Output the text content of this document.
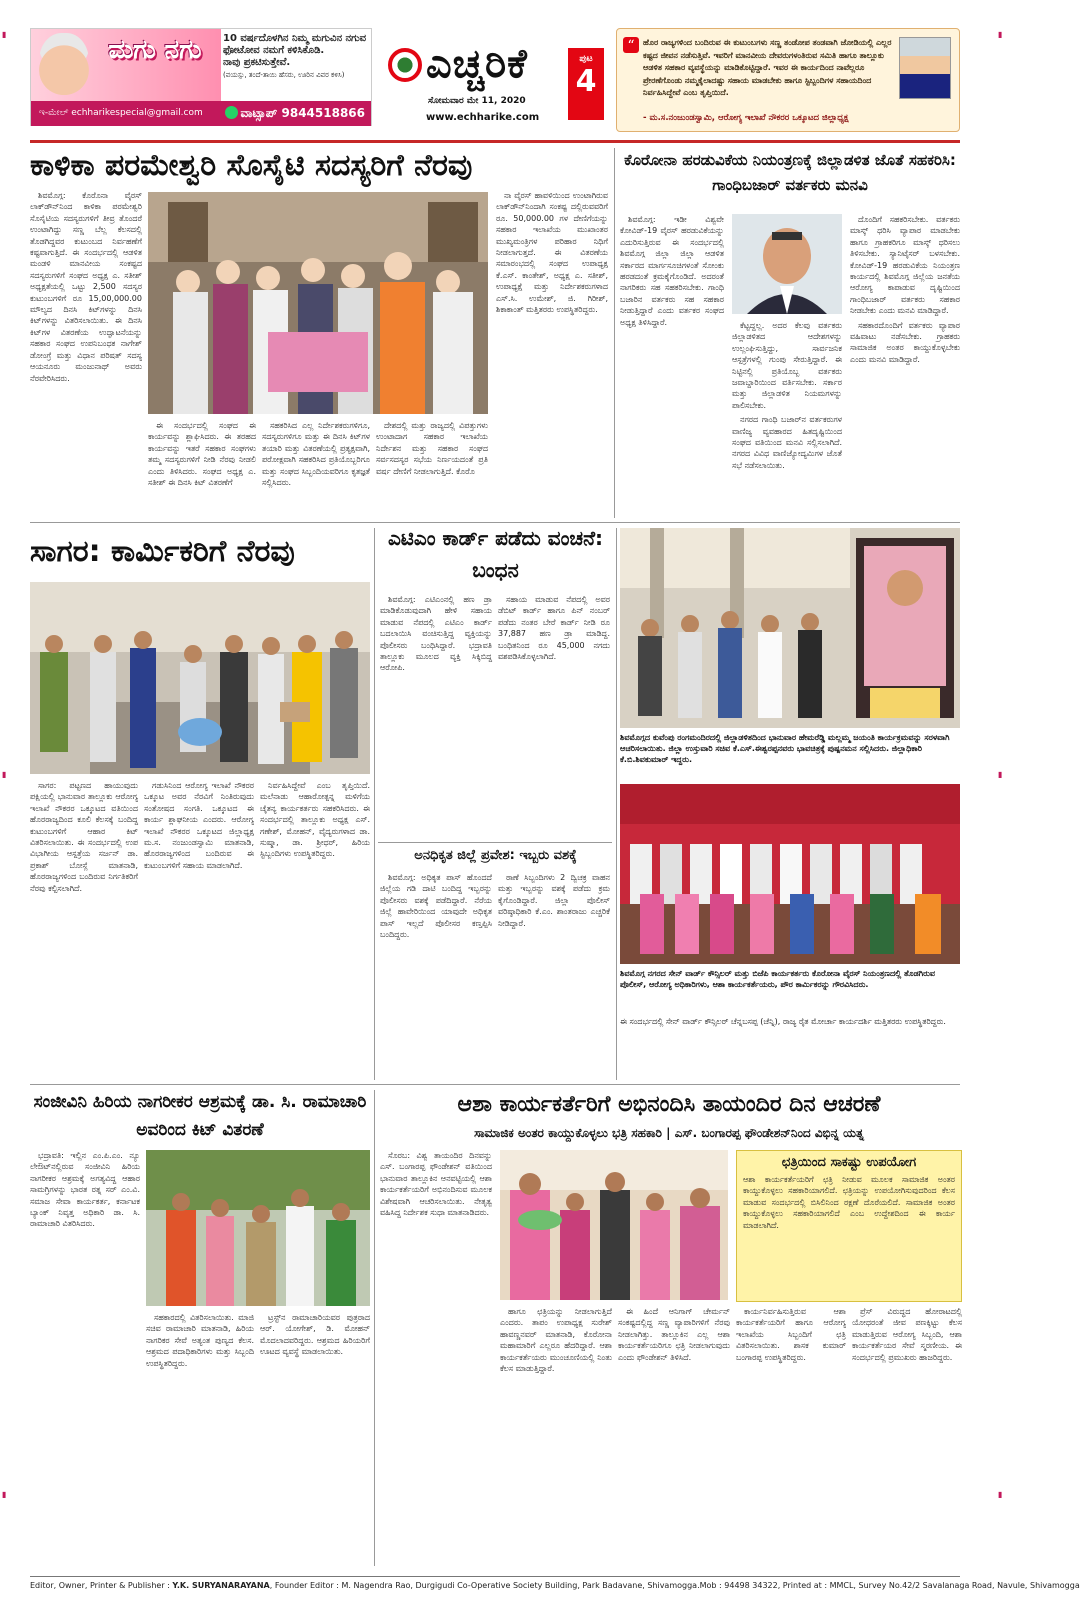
▮
▮
▮
▮
▮
▮
ಮಗು ನಗು	10 ವರ್ಷದೊಳಗಿನ ನಿಮ್ಮ ಮಗುವಿನ ನಗುವ
ಫೋಟೋವ ನಮಗೆ ಕಳಿಸಿಕೊಡಿ.
ನಾವು ಪ್ರಕಟಿಸುತ್ತೇವೆ.
(ವಯಸ್ಸು, ತಂದೆ-ತಾಯಿ ಹೆಸರು, ಊರಿನ ವಿವರ ಕಳಿಸಿ)
ಇ-ಮೇಲ್ echharikespecial@gmail.com	ವಾಟ್ಸಾಪ್ 9844518866
ಎಚ್ಚರಿಕೆ
ಸೋಮವಾರ ಮೇ 11, 2020
www.echharike.com
ಪುಟ
4
“	ಹೊರ ರಾಜ್ಯಗಳಿಂದ ಬಂದಿರುವ ಈ ಕುಟುಂಬಗಳು ಸಣ್ಣ ತಂಡೋಪ ತಂಡವಾಗಿ ಜೋಡಿಯಲ್ಲಿ ಎಲ್ಲರ ಕಷ್ಟದ ಜೀವನ ನಡೆಸುತ್ತಿವೆ. ಇವರಿಗೆ ಮಾನವೀಯ ದೇವರುಗಳಂತಿರುವ ಸಮಿತಿ ಹಾಗೂ ತಾಲ್ಲೂಕು ಆಡಳಿತ ಸಹಕಾರ ವ್ಯವಸ್ಥೆಯನ್ನು ಮಾಡಿಕೊಟ್ಟಿದ್ದಾರೆ. ಇವರ ಈ ಕಾರ್ಯದಿಂದ ನಾವೆಲ್ಲರೂ ಪ್ರೇರಣೆಗೊಂಡು ನಮ್ಮಕೈಲಾದಷ್ಟು ಸಹಾಯ ಮಾಡಬೇಕು ಹಾಗೂ ಸ್ಟಿಬ್ಬಂದಿಗಳ ಸಹಾಯದಿಂದ ನಿರ್ವಹಿಸಿದ್ದೇವೆ ಎಂಬ ತೃಪ್ತಿಯಿದೆ.
- ಮ.ಸ.ನಂಜುಂಡಸ್ವಾಮಿ, ಆರೋಗ್ಯ ಇಲಾಖೆ ನೌಕರರ ಒಕ್ಕೂಟದ ಜಿಲ್ಲಾಧ್ಯಕ್ಷ
ಕಾಳಿಕಾ ಪರಮೇಶ್ವರಿ ಸೊಸೈಟಿ ಸದಸ್ಯರಿಗೆ ನೆರವು

ಶಿವಮೊಗ್ಗ: ಕೊರೊನಾ ವೈರಸ್ ಲಾಕ್‌ಡೌನ್‌ನಿಂದ ಕಾಳಿಕಾ ಪರಮೇಶ್ವರಿ ಸೊಸೈಟಿಯ ಸದಸ್ಯರುಗಳಿಗೆ ತೀವ್ರ ತೊಂದರೆ ಉಂಟಾಗಿದ್ದು ಸಣ್ಣ ಬೆಲ್ಲ ಕೆಲಸದಲ್ಲಿ ತೊಡಗಿದ್ದವರ ಕುಟುಂಬದ ನಿರ್ವಹಣೆಗೆ ಕಷ್ಟವಾಗುತ್ತಿದೆ. ಈ ಸಂದರ್ಭದಲ್ಲಿ ಆಡಳಿತ ಮಂಡಳಿ ಮಾನವೀಯ ಸಂಕಷ್ಟದ ಸದಸ್ಯರುಗಳಿಗೆ ಸಂಘದ ಅಧ್ಯಕ್ಷ ಎ. ಸತೀಶ್ ಅಧ್ಯಕ್ಷತೆಯಲ್ಲಿ ಒಟ್ಟು 2,500 ಸದಸ್ಯರ ಕುಟುಂಬಗಳಿಗೆ ರೂ 15,00,000.00 ಮೌಲ್ಯದ ದಿನಸಿ ಕಿಟ್‌ಗಳನ್ನು ದಿನಸಿ ಕಿಟ್‌ಗಳನ್ನು ವಿತರಿಸಲಾಯಿತು. ಈ ದಿನಸಿ ಕಿಟ್‌ಗಳ ವಿತರಣೆಯ ಉದ್ಘಾಟನೆಯನ್ನು ಸಹಕಾರ ಸಂಘದ ಉಪನಿಬಂಧಕ ನಾಗೇಶ್ ಡೋಂಗ್ರೆ ಮತ್ತು ವಿಧಾನ ಪರಿಷತ್ ಸದಸ್ಯ ಆಯನೂರು ಮಂಜುನಾಥ್ ಅವರು ನೆರವೇರಿಸಿದರು.

ಈ ಸಂದರ್ಭದಲ್ಲಿ ಸಂಘದ ಈ ಕಾರ್ಯವನ್ನು ಶ್ಲಾಘಿಸಿದರು. ಈ ತರಹದ ಕಾರ್ಯವನ್ನು ಇತರೆ ಸಹಕಾರ ಸಂಘಗಳು ತಮ್ಮ ಸದಸ್ಯರುಗಳಿಗೆ ನೀಡಿ ನೆರವು ನೀಡಲಿ ಎಂದು ತಿಳಿಸಿದರು. ಸಂಘದ ಅಧ್ಯಕ್ಷ ಎ. ಸತೀಶ್ ಈ ದಿನಸಿ ಕಿಟ್ ವಿತರಣೆಗೆ

ಸಹಕರಿಸಿದ ಎಲ್ಲ ನಿರ್ದೇಶಕರುಗಳಿಗೂ, ಸದಸ್ಯರುಗಳಿಗೂ ಮತ್ತು ಈ ದಿನಸಿ ಕಿಟ್‌ಗಳ ತಯಾರಿ ಮತ್ತು ವಿತರಣೆಯಲ್ಲಿ ಪ್ರತ್ಯಕ್ಷವಾಗಿ, ಪರೋಕ್ಷವಾಗಿ ಸಹಕರಿಸಿದ ಪ್ರತಿಯೊಬ್ಬರಿಗೂ ಮತ್ತು ಸಂಘದ ಸಿಬ್ಬಂದಿಯವರಿಗೂ ಕೃತಜ್ಞತೆ ಸಲ್ಲಿಸಿದರು.

ದೇಶದಲ್ಲಿ ಮತ್ತು ರಾಜ್ಯದಲ್ಲಿ ವಿಪತ್ತುಗಳು ಉಂಟಾದಾಗ ಸಹಕಾರ ಇಲಾಖೆಯ ನಿರ್ದೇಶನ ಮತ್ತು ಸಹಕಾರ ಸಂಘದ ಸರ್ವಸದಸ್ಯರ ಸಭೆಯ ನಿರ್ಣಯದಂತೆ ಪ್ರತಿ ವರ್ಷ ದೇಣಿಗೆ ನೀಡಲಾಗುತ್ತಿದೆ. ಕೊರೊ

ನಾ ವೈರಸ್ ಹಾವಳಿಯಿಂದ ಉಂಟಾಗಿರುವ ಲಾಕ್‌ಡೌನ್‌ನಿಂದಾಗಿ ಸಂಕಷ್ಟ ದಲ್ಲಿರುವವರಿಗೆ ರೂ. 50,000.00 ಗಳ ದೇಣಿಗೆಯನ್ನು ಸಹಕಾರ ಇಲಾಖೆಯ ಮುಖಾಂತರ ಮುಖ್ಯಮಂತ್ರಿಗಳ ಪರಿಹಾರ ನಿಧಿಗೆ ನೀಡಲಾಗುತ್ತದೆ. ಈ ವಿತರಣೆಯ ಸಮಾರಂಭದಲ್ಲಿ ಸಂಘದ ಉಪಾಧ್ಯಕ್ಷ ಕೆ.ಎಸ್. ಕಾಂತೇಶ್, ಅಧ್ಯಕ್ಷ ಎ. ಸತೀಶ್, ಉಪಾಧ್ಯಕ್ಷೆ ಮತ್ತು ನಿರ್ದೇಶಕರುಗಳಾದ ಎಸ್.ಸಿ. ಉಮೇಶ್, ಜಿ. ಗಿರೀಶ್, ಶಿಕಾಕಾಂತ್ ಮತ್ತಿತರರು ಉಪಸ್ಥಿತರಿದ್ದರು.

ಕೊರೋನಾ ಹರಡುವಿಕೆಯ ನಿಯಂತ್ರಣಕ್ಕೆ ಜಿಲ್ಲಾಡಳಿತ ಜೊತೆ ಸಹಕರಿಸಿ: ಗಾಂಧಿಬಜಾರ್ ವರ್ತಕರು ಮನವಿ

ಶಿವಮೊಗ್ಗ: ಇಡೀ ವಿಶ್ವವೇ ಕೋವಿಡ್-19 ವೈರಸ್ ಹರಡುವಿಕೆಯನ್ನು ಎದುರಿಸುತ್ತಿರುವ ಈ ಸಂದರ್ಭದಲ್ಲಿ ಶಿವಮೊಗ್ಗ ಜಿಲ್ಲಾ ಜಿಲ್ಲಾ ಆಡಳಿತ ಸರ್ಕಾರದ ಮಾರ್ಗಸೂಚಿಗಳಂತೆ ಸೋಂಕು ಹರಡದಂತೆ ಕ್ರಮಕೈಗೊಂಡಿದೆ. ಅದರಂತೆ ನಾಗರಿಕರು ಸಹ ಸಹಕರಿಸಬೇಕು. ಗಾಂಧಿ ಬಜಾರಿನ ವರ್ತಕರು ಸಹ ಸಹಕಾರ ನೀಡುತ್ತಿದ್ದಾರೆ ಎಂದು ವರ್ತಕರ ಸಂಘದ ಅಧ್ಯಕ್ಷ ತಿಳಿಸಿದ್ದಾರೆ.	ಕೆಟ್ಟದ್ದಲ್ಲ. ಅದರ ಕೆಲವು ವರ್ತಕರು ಜಿಲ್ಲಾಡಳಿತದ ಆದೇಶಗಳನ್ನು ಉಲ್ಲಂಘಿಸುತ್ತಿದ್ದು, ಸಾರ್ವಜನಿಕ ಆಸ್ಪತ್ರೆಗಳಲ್ಲಿ ಗುಂಪು ಸೇರುತ್ತಿದ್ದಾರೆ. ಈ ನಿಟ್ಟಿನಲ್ಲಿ ಪ್ರತಿಯೊಬ್ಬ ವರ್ತಕರು ಜವಾಬ್ದಾರಿಯಿಂದ ವರ್ತಿಸಬೇಕು. ಸರ್ಕಾರ ಮತ್ತು ಜಿಲ್ಲಾಡಳಿತ ನಿಯಮಗಳನ್ನು ಪಾಲಿಸಬೇಕು.

ನಗರದ ಗಾಂಧಿ ಬಜಾರ್‌ನ ವರ್ತಕರುಗಳ ವಾಣಿಜ್ಯ ವ್ಯವಹಾರದ ಹಿತದೃಷ್ಟಿಯಿಂದ ಸಂಘದ ವತಿಯಿಂದ ಮನವಿ ಸಲ್ಲಿಸಲಾಗಿದೆ. ನಗರದ ವಿವಿಧ ವಾಣಿಜ್ಯೋದ್ಯಮಿಗಳ ಜೊತೆ ಸಭೆ ನಡೆಸಲಾಯಿತು.

ದೊಂದಿಗೆ ಸಹಕರಿಸಬೇಕು. ವರ್ತಕರು ಮಾಸ್ಕ್ ಧರಿಸಿ ವ್ಯಾಪಾರ ಮಾಡಬೇಕು ಹಾಗೂ ಗ್ರಾಹಕರಿಗೂ ಮಾಸ್ಕ್ ಧರಿಸಲು ತಿಳಿಸಬೇಕು. ಸ್ಯಾನಿಟೈಸರ್ ಬಳಸಬೇಕು. ಕೋವಿಡ್-19 ಹರಡುವಿಕೆಯ ನಿಯಂತ್ರಣ ಕಾರ್ಯದಲ್ಲಿ ಶಿವಮೊಗ್ಗ ಜಿಲ್ಲೆಯ ಜನತೆಯ ಆರೋಗ್ಯ ಕಾಪಾಡುವ ದೃಷ್ಟಿಯಿಂದ ಗಾಂಧಿಬಜಾರ್ ವರ್ತಕರು ಸಹಕಾರ ನೀಡಬೇಕು ಎಂದು ಮನವಿ ಮಾಡಿದ್ದಾರೆ.

ಸಹಕಾರದೊಂದಿಗೆ ವರ್ತಕರು ವ್ಯಾಪಾರ ವಹಿವಾಟು ನಡೆಸಬೇಕು. ಗ್ರಾಹಕರು ಸಾಮಾಜಿಕ ಅಂತರ ಕಾಯ್ದುಕೊಳ್ಳಬೇಕು ಎಂದು ಮನವಿ ಮಾಡಿದ್ದಾರೆ.

ಸಾಗರ: ಕಾರ್ಮಿಕರಿಗೆ ನೆರವು

ಸಾಗರ: ಪಟ್ಟಣದ ಹಾಯುವುದು ಪಕ್ಷಿಯಲ್ಲಿ ಭಾನುವಾರ ತಾಲ್ಲೂಕು ಆರೋಗ್ಯ ಇಲಾಖೆ ನೌಕರರ ಒಕ್ಕೂಟದ ವತಿಯಿಂದ ಹೊರರಾಜ್ಯದಿಂದ ಕೂಲಿ ಕೆಲಸಕ್ಕೆ ಬಂದಿದ್ದ ಕುಟುಂಬಗಳಿಗೆ ಆಹಾರ ಕಿಟ್ ವಿತರಿಸಲಾಯಿತು. ಈ ಸಂದರ್ಭದಲ್ಲಿ ಉಪ ವಿಭಾಗೀಯ ಆಸ್ಪತ್ರೆಯ ಸರ್ಜನ್ ಡಾ. ಪ್ರಕಾಶ್ ಬೋಸ್ಲೆ ಮಾತನಾಡಿ, ಹೊರರಾಜ್ಯಗಳಿಂದ ಬಂದಿರುವ ನಿರ್ಗತಿಕರಿಗೆ ನೆರವು ಕಲ್ಪಿಸಲಾಗಿದೆ.

ಗಡುಸಿನಿಂದ ಆರೋಗ್ಯ ಇಲಾಖೆ ನೌಕರರ ಒಕ್ಕೂಟ ಅವರ ನೆರವಿಗೆ ನಿಂತಿರುವುದು ಸಂತೋಷದ ಸಂಗತಿ. ಒಕ್ಕೂಟದ ಈ ಕಾರ್ಯ ಶ್ಲಾಘನೀಯ ಎಂದರು. ಆರೋಗ್ಯ ಇಲಾಖೆ ನೌಕರರ ಒಕ್ಕೂಟದ ಜಿಲ್ಲಾಧ್ಯಕ್ಷ ಮ.ಸ. ನಂಜುಂಡಸ್ವಾಮಿ ಮಾತನಾಡಿ, ಹೊರರಾಜ್ಯಗಳಿಂದ ಬಂದಿರುವ ಈ ಕುಟುಂಬಗಳಿಗೆ ಸಹಾಯ ಮಾಡಲಾಗಿದೆ.

ನಿರ್ವಹಿಸಿದ್ದೇವೆ ಎಂಬ ತೃಪ್ತಿಯಿದೆ. ಮಲೆನಾಡು ಆಹಾರೋತ್ಪನ್ನ ಮಳಿಗೆಯ ಚೈತನ್ಯ ಕಾರ್ಯಕರ್ತರು ಸಹಕರಿಸಿದರು. ಈ ಸಂದರ್ಭದಲ್ಲಿ ತಾಲ್ಲೂಕು ಅಧ್ಯಕ್ಷ ಎಸ್. ಗಣೇಶ್, ಮೋಹನ್, ವೈದ್ಯರುಗಳಾದ ಡಾ. ಸುಷ್ಮಾ, ಡಾ. ಶ್ರೀಧರ್, ಹಿರಿಯ ಸ್ಟಿಬ್ಬಂದಿಗಳು ಉಪಸ್ಥಿತರಿದ್ದರು.

ಎಟಿಎಂ ಕಾರ್ಡ್ ಪಡೆದು ವಂಚನೆ: ಬಂಧನ

ಶಿವಮೊಗ್ಗ: ಎಟಿಎಂನಲ್ಲಿ ಹಣ ಡ್ರಾ ಮಾಡಿಕೊಡುವುದಾಗಿ ಹೇಳಿ ಸಹಾಯ ಮಾಡುವ ನೆಪದಲ್ಲಿ ಎಟಿಎಂ ಕಾರ್ಡ್ ಬದಲಾಯಿಸಿ ವಂಚಿಸುತ್ತಿದ್ದ ವ್ಯಕ್ತಿಯನ್ನು ಪೊಲೀಸರು ಬಂಧಿಸಿದ್ದಾರೆ. ಭದ್ರಾವತಿ ತಾಲ್ಲೂಕು ಮೂಲದ ವ್ಯಕ್ತಿ ಸಿಕ್ಕಿಬಿದ್ದ ಆರೋಪಿ.

ಸಹಾಯ ಮಾಡುವ ನೆಪದಲ್ಲಿ ಅವರ ಡೆಬಿಟ್ ಕಾರ್ಡ್ ಹಾಗೂ ಪಿನ್ ನಂಬರ್ ಪಡೆದು ನಂತರ ಬೇರೆ ಕಾರ್ಡ್ ನೀಡಿ ರೂ 37,887 ಹಣ ಡ್ರಾ ಮಾಡಿದ್ದ. ಬಂಧಿತನಿಂದ ರೂ 45,000 ನಗದು ವಶಪಡಿಸಿಕೊಳ್ಳಲಾಗಿದೆ.

ಅನಧಿಕೃತ ಜಿಲ್ಲೆ ಪ್ರವೇಶ: ಇಬ್ಬರು ವಶಕ್ಕೆ

ಶಿವಮೊಗ್ಗ: ಅಧಿಕೃತ ಪಾಸ್ ಹೊಂದದೆ ಜಿಲ್ಲೆಯ ಗಡಿ ದಾಟಿ ಬಂದಿದ್ದ ಇಬ್ಬರನ್ನು ಪೊಲೀಸರು ವಶಕ್ಕೆ ಪಡೆದಿದ್ದಾರೆ. ನೆರೆಯ ಜಿಲ್ಲೆ ಹಾವೇರಿಯಿಂದ ಯಾವುದೇ ಅಧಿಕೃತ ಪಾಸ್ ಇಲ್ಲದೆ ಪೊಲೀಸರ ಕಣ್ತಪ್ಪಿಸಿ ಬಂದಿದ್ದರು.

ಠಾಣೆ ಸಿಬ್ಬಂದಿಗಳು 2 ದ್ವಿಚಕ್ರ ವಾಹನ ಮತ್ತು ಇಬ್ಬರನ್ನು ವಶಕ್ಕೆ ಪಡೆದು ಕ್ರಮ ಕೈಗೊಂಡಿದ್ದಾರೆ. ಜಿಲ್ಲಾ ಪೊಲೀಸ್ ವರಿಷ್ಠಾಧಿಕಾರಿ ಕೆ.ಎಂ. ಶಾಂತರಾಜು ಎಚ್ಚರಿಕೆ ನೀಡಿದ್ದಾರೆ.

ಶಿವಮೊಗ್ಗದ ಕುವೆಂಪು ರಂಗಮಂದಿರದಲ್ಲಿ ಜಿಲ್ಲಾಡಳಿತದಿಂದ ಭಾನುವಾರ ಹೇಮರೆಡ್ಡಿ ಮಲ್ಲಮ್ಮ ಜಯಂತಿ ಕಾರ್ಯಕ್ರಮವನ್ನು ಸರಳವಾಗಿ ಆಚರಿಸಲಾಯಿತು. ಜಿಲ್ಲಾ ಉಸ್ತುವಾರಿ ಸಚಿವ ಕೆ.ಎಸ್.ಈಶ್ವರಪ್ಪನವರು ಭಾವಚಿತ್ರಕ್ಕೆ ಪುಷ್ಪನಮನ ಸಲ್ಲಿಸಿದರು. ಜಿಲ್ಲಾಧಿಕಾರಿ ಕೆ.ಬಿ.ಶಿವಕುಮಾರ್ ಇದ್ದರು.
ಶಿವಮೊಗ್ಗ ನಗರದ ಸೇನ್ ವಾರ್ಡ್ ಕೌನ್ಸಿಲರ್ ಮತ್ತು ಬಿಜೆಪಿ ಕಾರ್ಯಕರ್ತರು ಕೊರೋನಾ ವೈರಸ್ ನಿಯಂತ್ರಣದಲ್ಲಿ ತೊಡಗಿರುವ ಪೊಲೀಸ್, ಆರೋಗ್ಯ ಅಧಿಕಾರಿಗಳು, ಆಶಾ ಕಾರ್ಯಕರ್ತೆಯರು, ಪೌರ ಕಾರ್ಮಿಕರನ್ನು ಗೌರವಿಸಿದರು.
ಈ ಸಂದರ್ಭದಲ್ಲಿ ಸೇನ್ ವಾರ್ಡ್ ಕೌನ್ಸಿಲರ್ ಚೆನ್ನಬಸಪ್ಪ (ಚೆನ್ನಿ), ರಾಜ್ಯ ರೈತ ಮೋರ್ಚಾ ಕಾರ್ಯದರ್ಶಿ ಮತ್ತಿತರರು ಉಪಸ್ಥಿತರಿದ್ದರು.
ಸಂಜೀವಿನಿ ಹಿರಿಯ ನಾಗರೀಕರ ಆಶ್ರಮಕ್ಕೆ ಡಾ. ಸಿ. ರಾಮಾಚಾರಿ ಅವರಿಂದ ಕಿಟ್ ವಿತರಣೆ

ಭದ್ರಾವತಿ: ಇಲ್ಲಿನ ಎಂ.ಪಿ.ಎಂ. ನ್ಯೂ ಲೇಔಟ್‌ನಲ್ಲಿರುವ ಸಂಜೀವಿನಿ ಹಿರಿಯ ನಾಗರೀಕರ ಆಶ್ರಮಕ್ಕೆ ಅಗತ್ಯವಿದ್ದ ಆಹಾರ ಸಾಮಗ್ರಿಗಳನ್ನು ಭಾರತ ರತ್ನ ಸರ್ ಎಂ.ವಿ. ಸಮಾಜ ಸೇವಾ ಕಾರ್ಯಕರ್ತ, ಕರ್ನಾಟಕ ಬ್ಯಾಂಕ್ ನಿವೃತ್ತ ಅಧಿಕಾರಿ ಡಾ. ಸಿ. ರಾಮಾಚಾರಿ ವಿತರಿಸಿದರು.

ಸಹಕಾರದಲ್ಲಿ ವಿತರಿಸಲಾಯಿತು. ಮಾಜಿ ಸಚಿವ ರಾಮಾಚಾರಿ ಮಾತನಾಡಿ, ಹಿರಿಯ ನಾಗರಿಕರ ಸೇವೆ ಅತ್ಯಂತ ಪುಣ್ಯದ ಕೆಲಸ. ಆಶ್ರಮದ ಪದಾಧಿಕಾರಿಗಳು ಮತ್ತು ಸಿಬ್ಬಂದಿ ಉಪಸ್ಥಿತರಿದ್ದರು.

ಟ್ರಸ್ಟ್‌ನ ರಾಮಾಚಾರಿಯವರ ಪುತ್ರರಾದ ಆರ್. ಯೋಗೇಶ್, ಡಿ. ಮೋಹನ್ ಮೊದಲಾದವರಿದ್ದರು. ಆಶ್ರಮದ ಹಿರಿಯರಿಗೆ ಊಟದ ವ್ಯವಸ್ಥೆ ಮಾಡಲಾಯಿತು.

ಆಶಾ ಕಾರ್ಯಕರ್ತೆರಿಗೆ ಅಭಿನಂದಿಸಿ ತಾಯಂದಿರ ದಿನ ಆಚರಣೆ
ಸಾಮಾಜಿಕ ಅಂತರ ಕಾಯ್ದುಕೊಳ್ಳಲು ಭತ್ರಿ ಸಹಕಾರಿ | ಎಸ್. ಬಂಗಾರಪ್ಪ ಫೌಂಡೇಶನ್‌ನಿಂದ ವಿಭಿನ್ನ ಯತ್ನ

ಸೊರಬ: ವಿಶ್ವ ತಾಯಂದಿರ ದಿನವನ್ನು ಎಸ್. ಬಂಗಾರಪ್ಪ ಫೌಂಡೇಶನ್ ವತಿಯಿಂದ ಭಾನುವಾರ ತಾಲ್ಲೂಕಿನ ಆನವಟ್ಟಿಯಲ್ಲಿ ಆಶಾ ಕಾರ್ಯಕರ್ತೆಯರಿಗೆ ಅಭಿನಂದಿಸುವ ಮೂಲಕ ವಿಶೇಷವಾಗಿ ಆಚರಿಸಲಾಯಿತು. ನೇತೃತ್ವ ವಹಿಸಿದ್ದ ನಿರ್ದೇಶಕ ಸುಧಾ ಮಾತನಾಡಿದರು.

ಹಾಗೂ ಛತ್ರಿಯನ್ನು ನೀಡಲಾಗುತ್ತಿದೆ ಎಂದರು. ತಾಪಂ ಉಪಾಧ್ಯಕ್ಷ ಸುರೇಶ್ ಹಾವಣ್ಣನವರ್ ಮಾತನಾಡಿ, ಕೊರೋನಾ ಮಹಾಮಾರಿಗೆ ಎಲ್ಲರೂ ಹೆದರಿದ್ದಾರೆ. ಆಶಾ ಕಾರ್ಯಕರ್ತೆಯರು ಮುಂಚೂಣಿಯಲ್ಲಿ ನಿಂತು ಕೆಲಸ ಮಾಡುತ್ತಿದ್ದಾರೆ.

ಈ ಹಿಂದೆ ಆನಿಗಾಗ್ ಚೇರ್ಮನ್ ಸಂಕಷ್ಟದಲ್ಲಿದ್ದ ಸಣ್ಣ ವ್ಯಾಪಾರಿಗಳಿಗೆ ನೆರವು ನೀಡಲಾಗಿತ್ತು. ತಾಲ್ಲೂಕಿನ ಎಲ್ಲ ಆಶಾ ಕಾರ್ಯಕರ್ತೆಯರಿಗೂ ಛತ್ರಿ ನೀಡಲಾಗುವುದು ಎಂದು ಫೌಂಡೇಶನ್ ತಿಳಿಸಿದೆ.

ಛತ್ರಿಯಿಂದ ಸಾಕಷ್ಟು ಉಪಯೋಗ
ಆಶಾ ಕಾರ್ಯಕರ್ತೆಯರಿಗೆ ಛತ್ರಿ ನೀಡುವ ಮೂಲಕ ಸಾಮಾಜಿಕ ಅಂತರ ಕಾಯ್ದುಕೊಳ್ಳಲು ಸಹಕಾರಿಯಾಗಲಿದೆ. ಛತ್ರಿಯನ್ನು ಉಪಯೋಗಿಸುವುದರಿಂದ ಕೆಲಸ ಮಾಡುವ ಸಂದರ್ಭದಲ್ಲಿ ಬಿಸಿಲಿನಿಂದ ರಕ್ಷಣೆ ದೊರೆಯಲಿದೆ. ಸಾಮಾಜಿಕ ಅಂತರ ಕಾಯ್ದುಕೊಳ್ಳಲು ಸಹಕಾರಿಯಾಗಲಿದೆ ಎಂಬ ಉದ್ದೇಶದಿಂದ ಈ ಕಾರ್ಯ ಮಾಡಲಾಗಿದೆ.

ಕಾರ್ಯನಿರ್ವಹಿಸುತ್ತಿರುವ ಆಶಾ ಕಾರ್ಯಕರ್ತೆಯರಿಗೆ ಹಾಗೂ ಆರೋಗ್ಯ ಇಲಾಖೆಯ ಸಿಬ್ಬಂದಿಗೆ ಛತ್ರಿ ವಿತರಿಸಲಾಯಿತು. ಶಾಸಕ ಕುಮಾರ್ ಬಂಗಾರಪ್ಪ ಉಪಸ್ಥಿತರಿದ್ದರು.

ಪ್ರೆಸ್ ವಿರುದ್ಧದ ಹೋರಾಟದಲ್ಲಿ ಯೋಧರಂತೆ ಜೀವ ಪಣಕ್ಕಿಟ್ಟು ಕೆಲಸ ಮಾಡುತ್ತಿರುವ ಆರೋಗ್ಯ ಸಿಬ್ಬಂದಿ, ಆಶಾ ಕಾರ್ಯಕರ್ತೆಯರ ಸೇವೆ ಸ್ಮರಣೀಯ. ಈ ಸಂದರ್ಭದಲ್ಲಿ ಪ್ರಮುಖರು ಹಾಜರಿದ್ದರು.

Editor, Owner, Printer & Publisher : Y.K. SURYANARAYANA, Founder Editor : M. Nagendra Rao, Durgigudi Co-Operative Society Building, Park Badavane, Shivamogga.Mob : 94498 34322, Printed at : MMCL, Survey No.42/2 Savalanaga Road, Navule, Shivamogga
